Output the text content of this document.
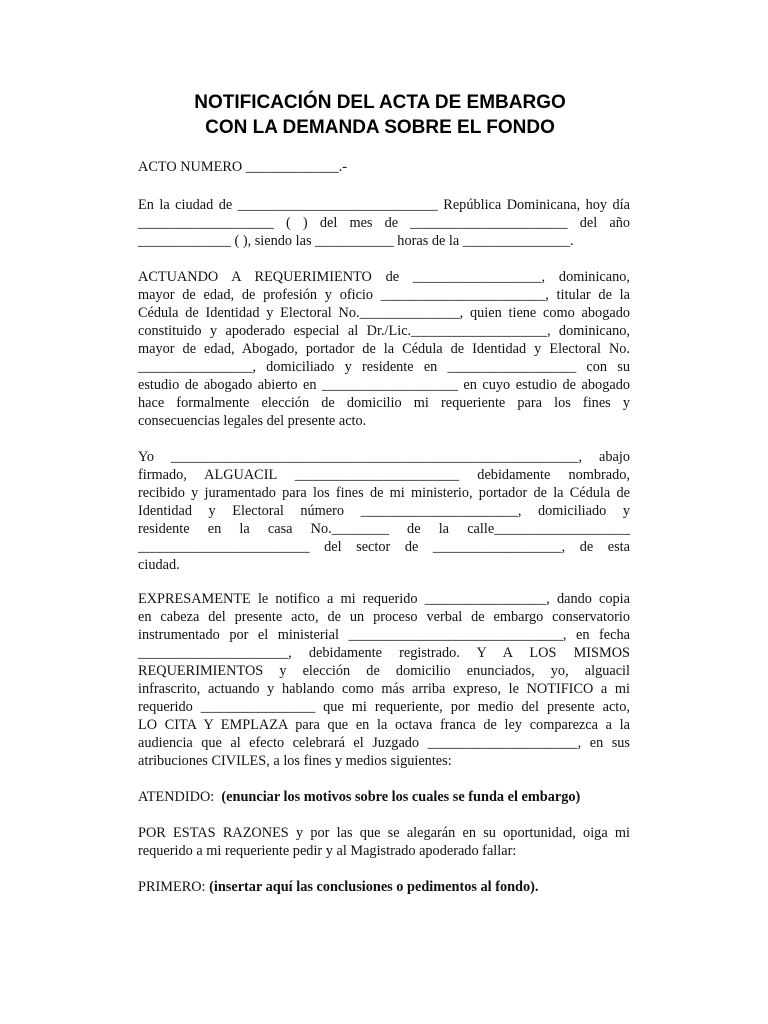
NOTIFICACIÓN DEL ACTA DE EMBARGO
CON LA DEMANDA SOBRE EL FONDO
ACTO NUMERO _____________.-
En la ciudad de ____________________________ República Dominicana, hoy día
___________________ ( ) del mes de ______________________ del año
_____________ ( ), siendo las ___________ horas de la _______________.
ACTUANDO A REQUERIMIENTO de __________________, dominicano,
mayor de edad, de profesión y oficio _______________________, titular de la
Cédula de Identidad y Electoral No.______________, quien tiene como abogado
constituido y apoderado especial al Dr./Lic.___________________, dominicano,
mayor de edad, Abogado, portador de la Cédula de Identidad y Electoral No.
________________, domiciliado y residente en __________________ con su
estudio de abogado abierto en ___________________ en cuyo estudio de abogado
hace formalmente elección de domicilio mi requeriente para los fines y
consecuencias legales del presente acto.
Yo _________________________________________________________, abajo
firmado, ALGUACIL _______________________ debidamente nombrado,
recibido y juramentado para los fines de mi ministerio, portador de la Cédula de
Identidad y Electoral número ______________________, domiciliado y
residente en la casa No.________ de la calle___________________
________________________ del sector de __________________, de esta
ciudad.
EXPRESAMENTE le notifico a mi requerido _________________, dando copia
en cabeza del presente acto, de un proceso verbal de embargo conservatorio
instrumentado por el ministerial ______________________________, en fecha
_____________________, debidamente registrado. Y A LOS MISMOS
REQUERIMIENTOS y elección de domicilio enunciados, yo, alguacil
infrascrito, actuando y hablando como más arriba expreso, le NOTIFICO a mi
requerido ________________ que mi requeriente, por medio del presente acto,
LO CITA Y EMPLAZA para que en la octava franca de ley comparezca a la
audiencia que al efecto celebrará el Juzgado _____________________, en sus
atribuciones CIVILES, a los fines y medios siguientes:
ATENDIDO: (enunciar los motivos sobre los cuales se funda el embargo)
POR ESTAS RAZONES y por las que se alegarán en su oportunidad, oiga mi
requerido a mi requeriente pedir y al Magistrado apoderado fallar:
PRIMERO: (insertar aquí las conclusiones o pedimentos al fondo).
